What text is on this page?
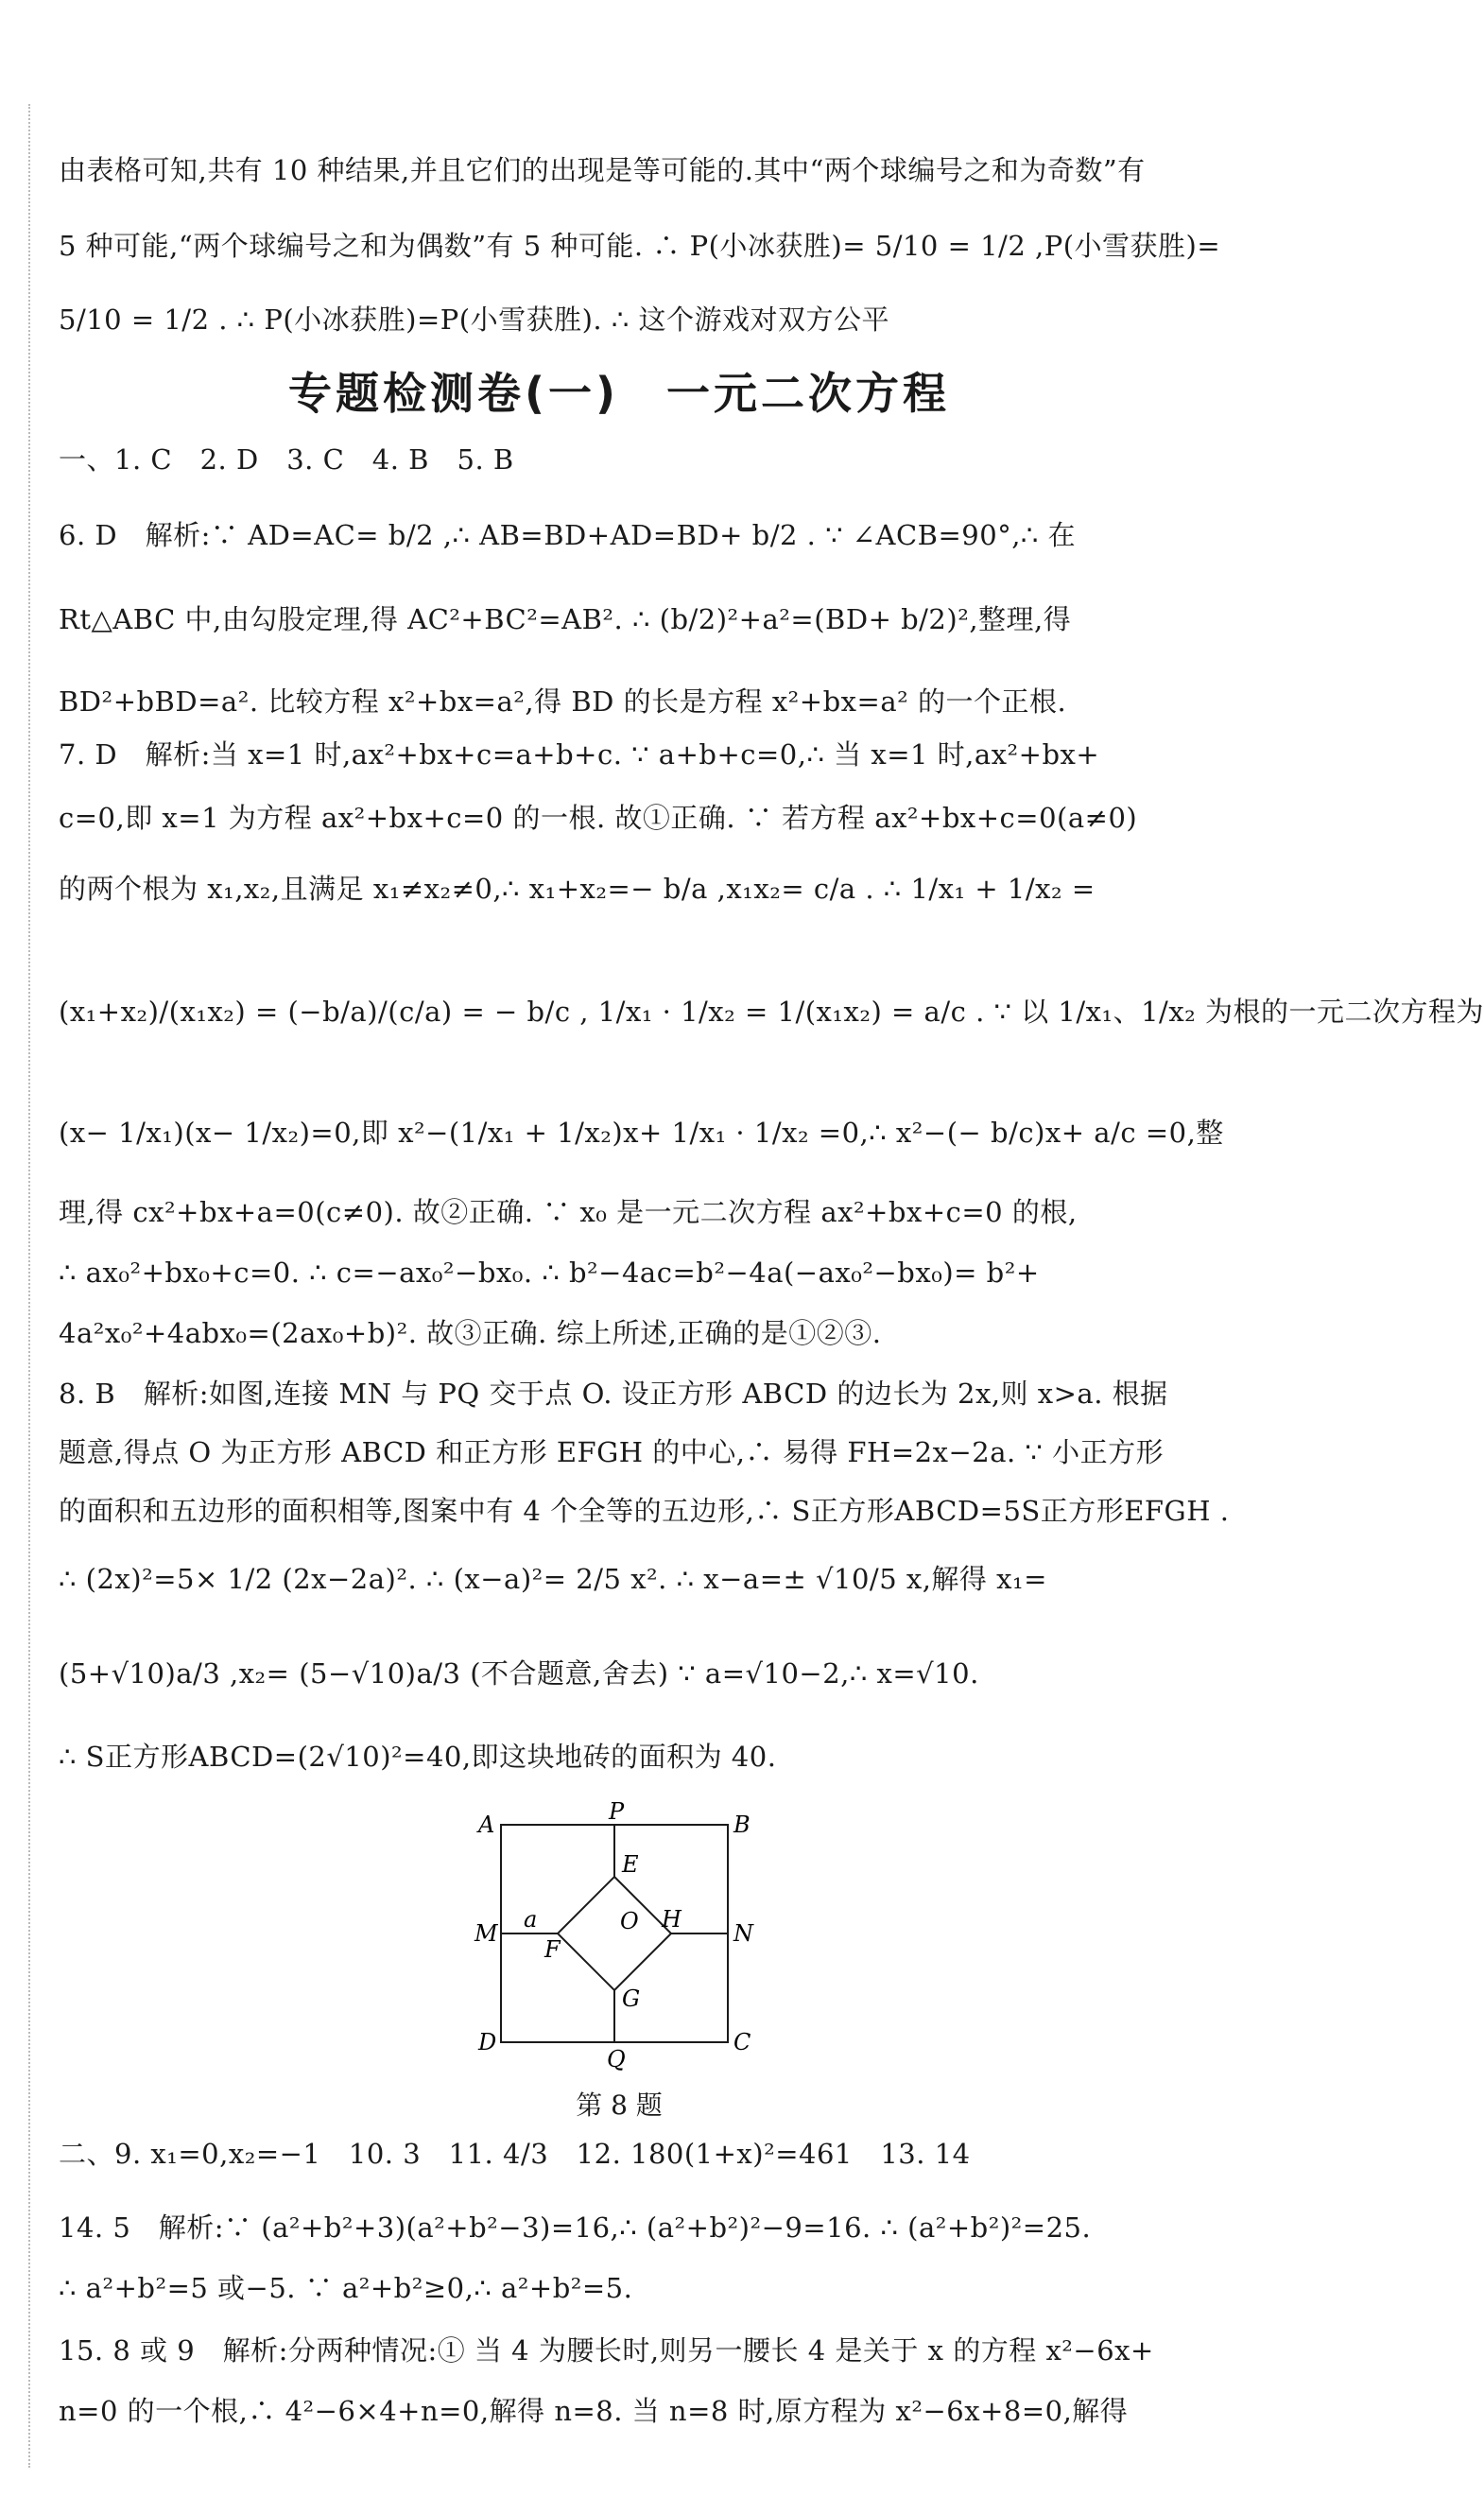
由表格可知,共有 10 种结果,并且它们的出现是等可能的.其中“两个球编号之和为奇数”有
5 种可能,“两个球编号之和为偶数”有 5 种可能. ∴ P(小冰获胜)= 5/10 = 1/2 ,P(小雪获胜)=
5/10 = 1/2 . ∴ P(小冰获胜)=P(小雪获胜). ∴ 这个游戏对双方公平
专题检测卷(一)　一元二次方程
一、1. C　2. D　3. C　4. B　5. B
6. D　解析:∵ AD=AC= b/2 ,∴ AB=BD+AD=BD+ b/2 . ∵ ∠ACB=90°,∴ 在
Rt△ABC 中,由勾股定理,得 AC²+BC²=AB². ∴ (b/2)²+a²=(BD+ b/2)²,整理,得
BD²+bBD=a². 比较方程 x²+bx=a²,得 BD 的长是方程 x²+bx=a² 的一个正根.
7. D　解析:当 x=1 时,ax²+bx+c=a+b+c. ∵ a+b+c=0,∴ 当 x=1 时,ax²+bx+
c=0,即 x=1 为方程 ax²+bx+c=0 的一根. 故①正确. ∵ 若方程 ax²+bx+c=0(a≠0)
的两个根为 x₁,x₂,且满足 x₁≠x₂≠0,∴ x₁+x₂=− b/a ,x₁x₂= c/a . ∴ 1/x₁ + 1/x₂ =
(x₁+x₂)/(x₁x₂) = (−b/a)/(c/a) = − b/c , 1/x₁ · 1/x₂ = 1/(x₁x₂) = a/c . ∵ 以 1/x₁、1/x₂ 为根的一元二次方程为
(x− 1/x₁)(x− 1/x₂)=0,即 x²−(1/x₁ + 1/x₂)x+ 1/x₁ · 1/x₂ =0,∴ x²−(− b/c)x+ a/c =0,整
理,得 cx²+bx+a=0(c≠0). 故②正确. ∵ x₀ 是一元二次方程 ax²+bx+c=0 的根,
∴ ax₀²+bx₀+c=0. ∴ c=−ax₀²−bx₀. ∴ b²−4ac=b²−4a(−ax₀²−bx₀)= b²+
4a²x₀²+4abx₀=(2ax₀+b)². 故③正确. 综上所述,正确的是①②③.
8. B　解析:如图,连接 MN 与 PQ 交于点 O. 设正方形 ABCD 的边长为 2x,则 x>a. 根据
题意,得点 O 为正方形 ABCD 和正方形 EFGH 的中心,∴ 易得 FH=2x−2a. ∵ 小正方形
的面积和五边形的面积相等,图案中有 4 个全等的五边形,∴ S正方形ABCD=5S正方形EFGH .
∴ (2x)²=5× 1/2 (2x−2a)². ∴ (x−a)²= 2/5 x². ∴ x−a=± √10/5 x,解得 x₁=
(5+√10)a/3 ,x₂= (5−√10)a/3 (不合题意,舍去) ∵ a=√10−2,∴ x=√10.
∴ S正方形ABCD=(2√10)²=40,即这块地砖的面积为 40.
A	B
C
D
P
Q
M	N
E
F
G
H
O
a
第 8 题
二、9. x₁=0,x₂=−1　10. 3　11. 4/3　12. 180(1+x)²=461　13. 14
14. 5　解析:∵ (a²+b²+3)(a²+b²−3)=16,∴ (a²+b²)²−9=16. ∴ (a²+b²)²=25.
∴ a²+b²=5 或−5. ∵ a²+b²≥0,∴ a²+b²=5.
15. 8 或 9　解析:分两种情况:① 当 4 为腰长时,则另一腰长 4 是关于 x 的方程 x²−6x+
n=0 的一个根,∴ 4²−6×4+n=0,解得 n=8. 当 n=8 时,原方程为 x²−6x+8=0,解得
